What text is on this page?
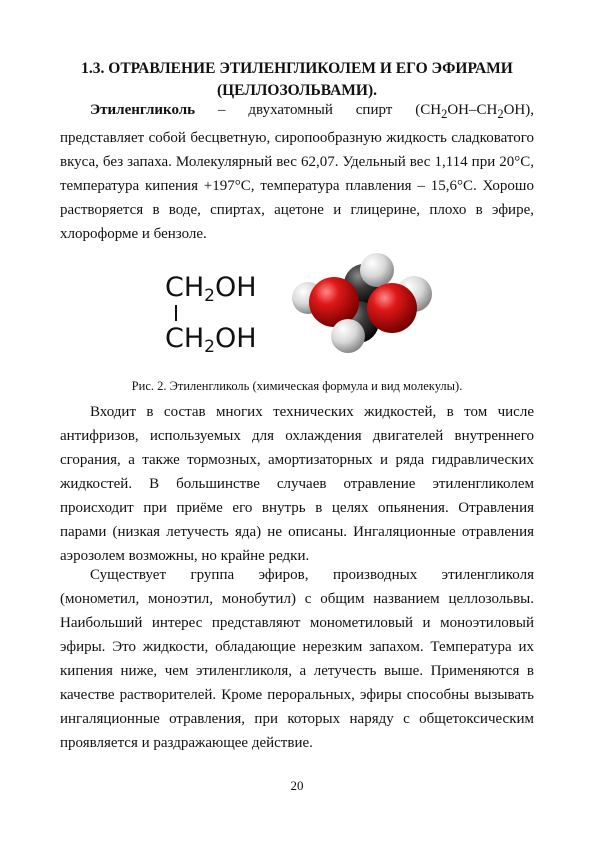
1.3. ОТРАВЛЕНИЕ ЭТИЛЕНГЛИКОЛЕМ И ЕГО ЭФИРАМИ
(ЦЕЛЛОЗОЛЬВАМИ).
Этиленгликоль – двухатомный спирт $(CH_2OH-CH_2OH)$, представляет собой бесцветную, сиропообразную жидкость сладковатого вкуса, без запаха. Молекулярный вес 62,07. Удельный вес 1,114 при 20°C, температура кипения +197°C, температура плавления – 15,6°C. Хорошо растворяется в воде, спиртах, ацетоне и глицерине, плохо в эфире, хлороформе и бензоле.
$CH_2OH$
$CH_2OH$
Рис. 2. Этиленгликоль (химическая формула и вид молекулы).
Входит в состав многих технических жидкостей, в том числе антифризов, используемых для охлаждения двигателей внутреннего сгорания, а также тормозных, амортизаторных и ряда гидравлических жидкостей. В большинстве случаев отравление этиленгликолем происходит при приёме его внутрь в целях опьянения. Отравления парами (низкая летучесть яда) не описаны. Ингаляционные отравления аэрозолем возможны, но крайне редки.
Существует группа эфиров, производных этиленгликоля (монометил, моноэтил, монобутил) с общим названием целлозольвы. Наибольший интерес представляют монометиловый и моноэтиловый эфиры. Это жидкости, обладающие нерезким запахом. Температура их кипения ниже, чем этиленгликоля, а летучесть выше. Применяются в качестве растворителей. Кроме пероральных, эфиры способны вызывать ингаляционные отравления, при которых наряду с общетоксическим проявляется и раздражающее действие.
20
